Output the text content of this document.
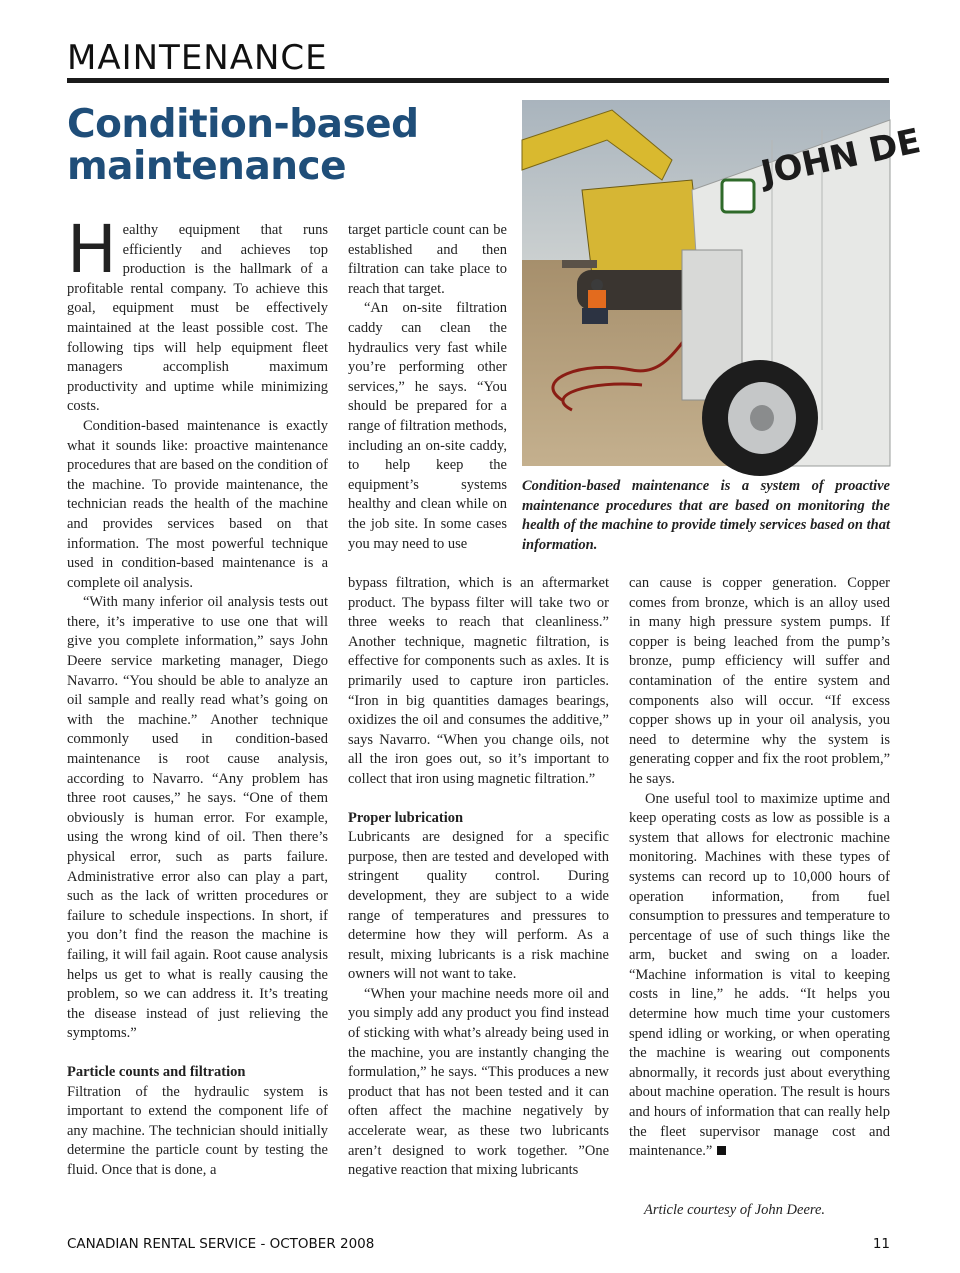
MAINTENANCE
Condition-based
maintenance

Healthy equipment that runs efficiently and achieves top production is the hallmark of a profitable rental company. To achieve this goal, equipment must be effectively maintained at the least possible cost. The following tips will help equipment fleet managers accomplish maximum productivity and uptime while minimizing costs.

Condition-based maintenance is exactly what it sounds like: proactive maintenance procedures that are based on the condition of the machine. To provide maintenance, the technician reads the health of the machine and provides services based on that information. The most powerful technique used in condition-based maintenance is a complete oil analysis.

“With many inferior oil analysis tests out there, it’s imperative to use one that will give you complete information,” says John Deere service marketing manager, Diego Navarro. “You should be able to analyze an oil sample and really read what’s going on with the machine.” Another technique commonly used in condition-based maintenance is root cause analysis, according to Navarro. “Any problem has three root causes,” he says. “One of them obviously is human error. For example, using the wrong kind of oil. Then there’s physical error, such as parts failure. Administrative error also can play a part, such as the lack of written procedures or failure to schedule inspections. In short, if you don’t find the reason the machine is failing, it will fail again. Root cause analysis helps us get to what is really causing the problem, so we can address it. It’s treating the disease instead of just relieving the symptoms.”

Particle counts and filtration

Filtration of the hydraulic system is important to extend the component life of any machine. The technician should initially determine the particle count by testing the fluid. Once that is done, a

target particle count can be established and then filtration can take place to reach that target.

“An on-site filtration caddy can clean the hydraulics very fast while you’re performing other services,” he says. “You should be prepared for a range of filtration methods, including an on-site caddy, to help keep the equipment’s systems healthy and clean while on the job site. In some cases you may need to use

bypass filtration, which is an aftermarket product. The bypass filter will take two or three weeks to reach that cleanliness.” Another technique, magnetic filtration, is effective for components such as axles. It is primarily used to capture iron particles. “Iron in big quantities damages bearings, oxidizes the oil and consumes the additive,” says Navarro. “When you change oils, not all the iron goes out, so it’s important to collect that iron using magnetic filtration.”

Proper lubrication

Lubricants are designed for a specific purpose, then are tested and developed with stringent quality control. During development, they are subject to a wide range of temperatures and pressures to determine how they will perform. As a result, mixing lubricants is a risk machine owners will not want to take.

“When your machine needs more oil and you simply add any product you find instead of sticking with what’s already being used in the machine, you are instantly changing the formulation,” he says. “This produces a new product that has not been tested and it can often affect the machine negatively by accelerate wear, as these two lubricants aren’t designed to work together. ”One negative reaction that mixing lubricants

can cause is copper generation. Copper comes from bronze, which is an alloy used in many high pressure system pumps. If copper is being leached from the pump’s bronze, pump efficiency will suffer and contamination of the entire system and components also will occur. “If excess copper shows up in your oil analysis, you need to determine why the system is generating copper and fix the root problem,” he says.

One useful tool to maximize uptime and keep operating costs as low as possible is a system that allows for electronic machine monitoring. Machines with these types of systems can record up to 10,000 hours of operation information, from fuel consumption to pressures and temperature to percentage of use of such things like the arm, bucket and swing on a loader. “Machine information is vital to keeping costs in line,” he adds. “It helps you determine how much time your customers spend idling or working, or when operating the machine is wearing out components abnormally, it records just about everything about machine operation. The result is hours and hours of information that can really help the fleet supervisor manage cost and maintenance.”

JOHN DE
Condition-based maintenance is a system of proactive maintenance procedures that are based on monitoring the health of the machine to provide timely services based on that information.
Article courtesy of John Deere.
CANADIAN RENTAL SERVICE - OCTOBER 2008	11
